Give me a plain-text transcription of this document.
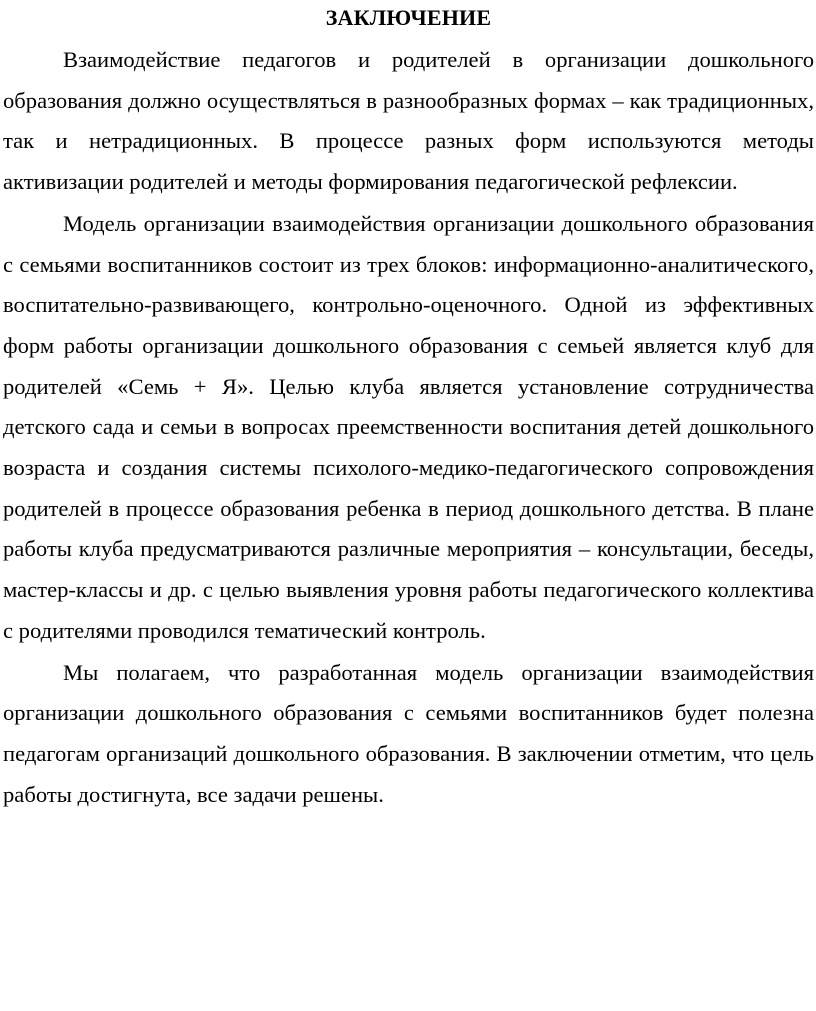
ЗАКЛЮЧЕНИЕ

Взаимодействие педагогов и родителей в организации дошкольного образования должно осуществляться в разнообразных формах – как традиционных, так и нетрадиционных. В процессе разных форм используются методы активизации родителей и методы формирования педагогической рефлексии.

Модель организации взаимодействия организации дошкольного образования с семьями воспитанников состоит из трех блоков: информационно-аналитического, воспитательно-развивающего, контрольно-оценочного. Одной из эффективных форм работы организации дошкольного образования с семьей является клуб для родителей «Семь + Я». Целью клуба является установление сотрудничества детского сада и семьи в вопросах преемственности воспитания детей дошкольного возраста и создания системы психолого-медико-педагогического сопровождения родителей в процессе образования ребенка в период дошкольного детства. В плане работы клуба предусматриваются различные мероприятия – консультации, беседы, мастер-классы и др. с целью выявления уровня работы педагогического коллектива с родителями проводился тематический контроль.

Мы полагаем, что разработанная модель организации взаимодействия организации дошкольного образования с семьями воспитанников будет полезна педагогам организаций дошкольного образования. В заключении отметим, что цель работы достигнута, все задачи решены.
